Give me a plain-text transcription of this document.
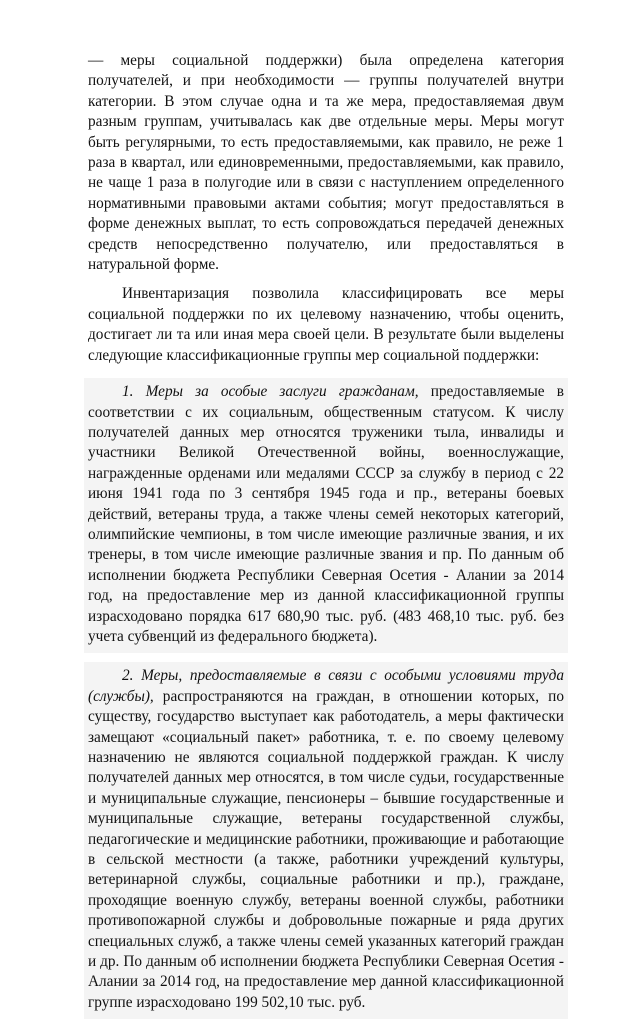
— меры социальной поддержки) была определена категория получателей, и при необходимости — группы получателей внутри категории. В этом случае одна и та же мера, предоставляемая двум разным группам, учитывалась как две отдельные меры. Меры могут быть регулярными, то есть предоставляемыми, как правило, не реже 1 раза в квартал, или единовременными, предоставляемыми, как правило, не чаще 1 раза в полугодие или в связи с наступлением определенного нормативными правовыми актами события; могут предоставляться в форме денежных выплат, то есть сопровождаться передачей денежных средств непосредственно получателю, или предоставляться в натуральной форме.

Инвентаризация позволила классифицировать все меры социальной поддержки по их целевому назначению, чтобы оценить, достигает ли та или иная мера своей цели. В результате были выделены следующие классификационные группы мер социальной поддержки:

1. Меры за особые заслуги гражданам, предоставляемые в соответствии с их социальным, общественным статусом. К числу получателей данных мер относятся труженики тыла, инвалиды и участники Великой Отечественной войны, военнослужащие, награжденные орденами или медалями СССР за службу в период с 22 июня 1941 года по 3 сентября 1945 года и пр., ветераны боевых действий, ветераны труда, а также члены семей некоторых категорий, олимпийские чемпионы, в том числе имеющие различные звания, и их тренеры, в том числе имеющие различные звания и пр. По данным об исполнении бюджета Республики Северная Осетия - Алании за 2014 год, на предоставление мер из данной классификационной группы израсходовано порядка 617 680,90 тыс. руб. (483 468,10 тыс. руб. без учета субвенций из федерального бюджета).

2. Меры, предоставляемые в связи с особыми условиями труда (службы), распространяются на граждан, в отношении которых, по существу, государство выступает как работодатель, а меры фактически замещают «социальный пакет» работника, т. е. по своему целевому назначению не являются социальной поддержкой граждан. К числу получателей данных мер относятся, в том числе судьи, государственные и муниципальные служащие, пенсионеры – бывшие государственные и муниципальные служащие, ветераны государственной службы, педагогические и медицинские работники, проживающие и работающие в сельской местности (а также, работники учреждений культуры, ветеринарной службы, социальные работники и пр.), граждане, проходящие военную службу, ветераны военной службы, работники противопожарной службы и добровольные пожарные и ряда других специальных служб, а также члены семей указанных категорий граждан и др. По данным об исполнении бюджета Республики Северная Осетия - Алании за 2014 год, на предоставление мер данной классификационной группе израсходовано 199 502,10 тыс. руб.
